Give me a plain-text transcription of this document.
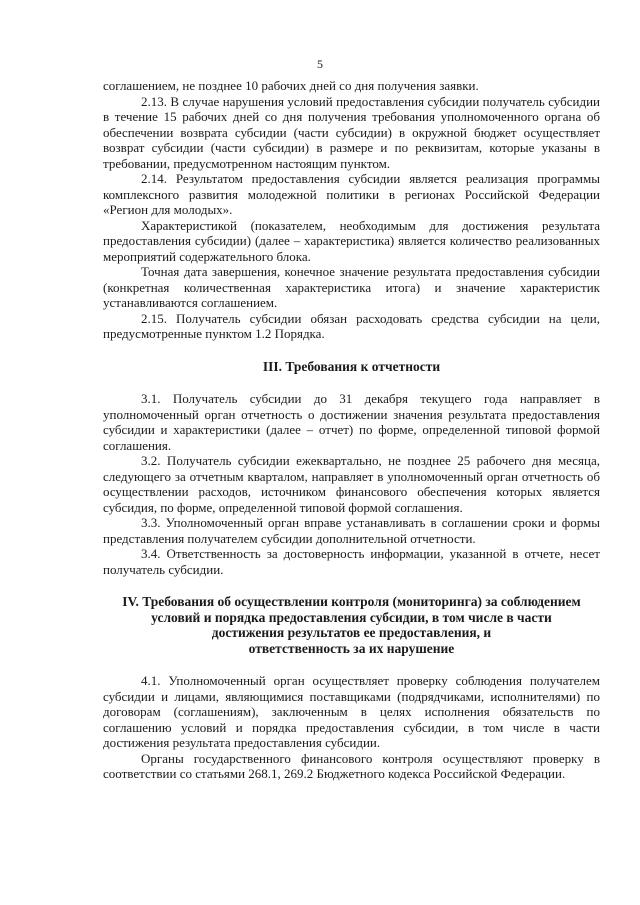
5

соглашением, не позднее 10 рабочих дней со дня получения заявки.

2.13. В случае нарушения условий предоставления субсидии получатель субсидии в течение 15 рабочих дней со дня получения требования уполномоченного органа об обеспечении возврата субсидии (части субсидии) в окружной бюджет осуществляет возврат субсидии (части субсидии) в размере и по реквизитам, которые указаны в требовании, предусмотренном настоящим пунктом.

2.14. Результатом предоставления субсидии является реализация программы комплексного развития молодежной политики в регионах Российской Федерации «Регион для молодых».

Характеристикой (показателем, необходимым для достижения результата предоставления субсидии) (далее – характеристика) является количество реализованных мероприятий содержательного блока.

Точная дата завершения, конечное значение результата предоставления субсидии (конкретная количественная характеристика итога) и значение характеристик устанавливаются соглашением.

2.15. Получатель субсидии обязан расходовать средства субсидии на цели, предусмотренные пунктом 1.2 Порядка.

III. Требования к отчетности

3.1. Получатель субсидии до 31 декабря текущего года направляет в уполномоченный орган отчетность о достижении значения результата предоставления субсидии и характеристики (далее – отчет) по форме, определенной типовой формой соглашения.

3.2. Получатель субсидии ежеквартально, не позднее 25 рабочего дня месяца, следующего за отчетным кварталом, направляет в уполномоченный орган отчетность об осуществлении расходов, источником финансового обеспечения которых является субсидия, по форме, определенной типовой формой соглашения.

3.3. Уполномоченный орган вправе устанавливать в соглашении сроки и формы представления получателем субсидии дополнительной отчетности.

3.4. Ответственность за достоверность информации, указанной в отчете, несет получатель субсидии.

IV. Требования об осуществлении контроля (мониторинга) за соблюдением
условий и порядка предоставления субсидии, в том числе в части
достижения результатов ее предоставления, и
ответственность за их нарушение

4.1. Уполномоченный орган осуществляет проверку соблюдения получателем субсидии и лицами, являющимися поставщиками (подрядчиками, исполнителями) по договорам (соглашениям), заключенным в целях исполнения обязательств по соглашению условий и порядка предоставления субсидии, в том числе в части достижения результата предоставления субсидии.

Органы государственного финансового контроля осуществляют проверку в соответствии со статьями 268.1, 269.2 Бюджетного кодекса Российской Федерации.
